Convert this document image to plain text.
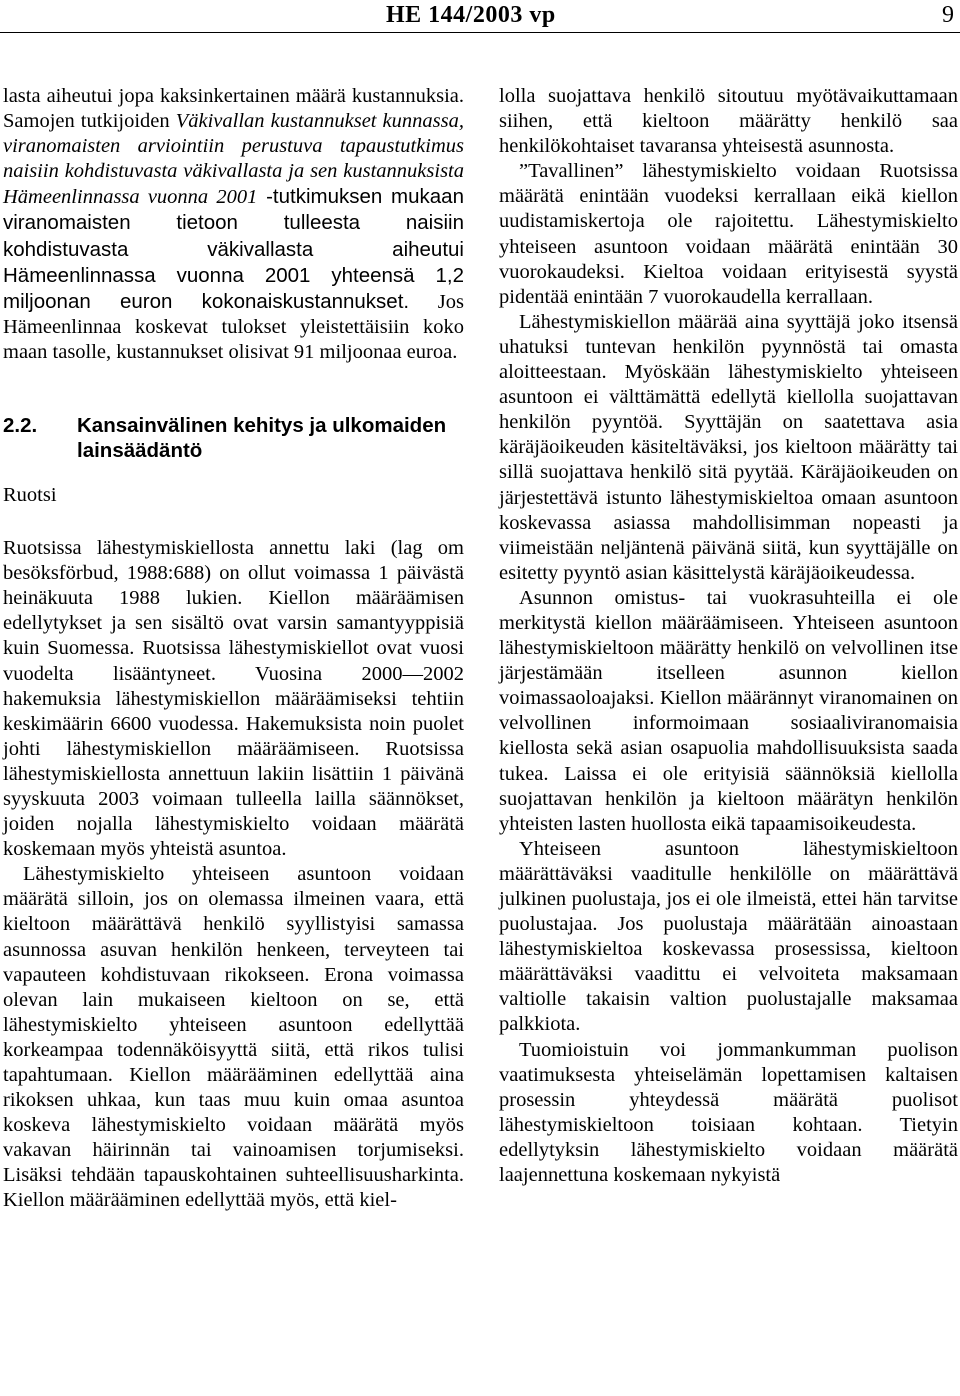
HE 144/2003 vp	9

lasta aiheutui jopa kaksinkertainen määrä kustannuksia. Samojen tutkijoiden Väkivallan kustannukset kunnassa, viranomaisten arviointiin perustuva tapaustutkimus naisiin kohdistuvasta väkivallasta ja sen kustannuksista Hämeenlinnassa vuonna 2001 -tutkimuksen mukaan viranomaisten tietoon tulleesta naisiin kohdistuvasta väkivallasta aiheutui Hämeenlinnassa vuonna 2001 yhteensä 1,2 miljoonan euron kokonaiskustannukset. Jos Hämeenlinnaa koskevat tulokset yleistettäisiin koko maan tasolle, kustannukset olisivat 91 miljoonaa euroa.

2.2.	Kansainvälinen kehitys ja ulkomaiden lainsäädäntö
Ruotsi

Ruotsissa lähestymiskiellosta annettu laki (lag om besöksförbud, 1988:688) on ollut voimassa 1 päivästä heinäkuuta 1988 lukien. Kiellon määräämisen edellytykset ja sen sisältö ovat varsin samantyyppisiä kuin Suomessa. Ruotsissa lähestymiskiellot ovat vuosi vuodelta lisääntyneet. Vuosina 2000—2002 hakemuksia lähestymiskiellon määräämiseksi tehtiin keskimäärin 6600 vuodessa. Hakemuksista noin puolet johti lähestymiskiellon määräämiseen. Ruotsissa lähestymiskiellosta annettuun lakiin lisättiin 1 päivänä syyskuuta 2003 voimaan tulleella lailla säännökset, joiden nojalla lähestymiskielto voidaan määrätä koskemaan myös yhteistä asuntoa.

Lähestymiskielto yhteiseen asuntoon voidaan määrätä silloin, jos on olemassa ilmeinen vaara, että kieltoon määrättävä henkilö syyllistyisi samassa asunnossa asuvan henkilön henkeen, terveyteen tai vapauteen kohdistuvaan rikokseen. Erona voimassa olevan lain mukaiseen kieltoon on se, että lähestymiskielto yhteiseen asuntoon edellyttää korkeampaa todennäköisyyttä siitä, että rikos tulisi tapahtumaan. Kiellon määrääminen edellyttää aina rikoksen uhkaa, kun taas muu kuin omaa asuntoa koskeva lähestymiskielto voidaan määrätä myös vakavan häirinnän tai vainoamisen torjumiseksi. Lisäksi tehdään tapauskohtainen suhteellisuusharkinta. Kiellon määrääminen edellyttää myös, että kiel-

lolla suojattava henkilö sitoutuu myötävaikuttamaan siihen, että kieltoon määrätty henkilö saa henkilökohtaiset tavaransa yhteisestä asunnosta.

”Tavallinen” lähestymiskielto voidaan Ruotsissa määrätä enintään vuodeksi kerrallaan eikä kiellon uudistamiskertoja ole rajoitettu. Lähestymiskielto yhteiseen asuntoon voidaan määrätä enintään 30 vuorokaudeksi. Kieltoa voidaan erityisestä syystä pidentää enintään 7 vuorokaudella kerrallaan.

Lähestymiskiellon määrää aina syyttäjä joko itsensä uhatuksi tuntevan henkilön pyynnöstä tai omasta aloitteestaan. Myöskään lähestymiskielto yhteiseen asuntoon ei välttämättä edellytä kiellolla suojattavan henkilön pyyntöä. Syyttäjän on saatettava asia käräjäoikeuden käsiteltäväksi, jos kieltoon määrätty tai sillä suojattava henkilö sitä pyytää. Käräjäoikeuden on järjestettävä istunto lähestymiskieltoa omaan asuntoon koskevassa asiassa mahdollisimman nopeasti ja viimeistään neljäntenä päivänä siitä, kun syyttäjälle on esitetty pyyntö asian käsittelystä käräjäoikeudessa.

Asunnon omistus- tai vuokrasuhteilla ei ole merkitystä kiellon määräämiseen. Yhteiseen asuntoon lähestymiskieltoon määrätty henkilö on velvollinen itse järjestämään itselleen asunnon kiellon voimassaoloajaksi. Kiellon määrännyt viranomainen on velvollinen informoimaan sosiaaliviranomaisia kiellosta sekä asian osapuolia mahdollisuuksista saada tukea. Laissa ei ole erityisiä säännöksiä kiellolla suojattavan henkilön ja kieltoon määrätyn henkilön yhteisten lasten huollosta eikä tapaamisoikeudesta.

Yhteiseen asuntoon lähestymiskieltoon määrättäväksi vaaditulle henkilölle on määrättävä julkinen puolustaja, jos ei ole ilmeistä, ettei hän tarvitse puolustajaa. Jos puolustaja määrätään ainoastaan lähestymiskieltoa koskevassa prosessissa, kieltoon määrättäväksi vaadittu ei velvoiteta maksamaan valtiolle takaisin valtion puolustajalle maksamaa palkkiota.

Tuomioistuin voi jommankumman puolison vaatimuksesta yhteiselämän lopettamisen kaltaisen prosessin yhteydessä määrätä puolisot lähestymiskieltoon toisiaan kohtaan. Tietyin edellytyksin lähestymiskielto voidaan määrätä laajennettuna koskemaan nykyistä
